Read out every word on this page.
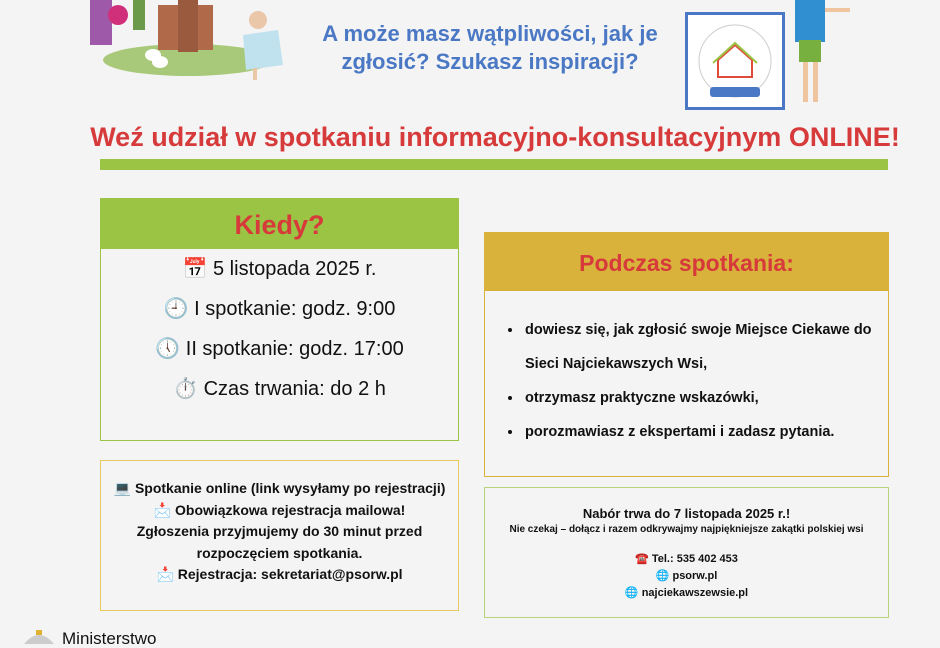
A może masz wątpliwości, jak je
zgłosić? Szukasz inspiracji?
Weź udział w spotkaniu informacyjno-konsultacyjnym ONLINE!
Kiedy?
📅 5 listopada 2025 r.
🕘 I spotkanie: godz. 9:00
🕔 II spotkanie: godz. 17:00
⏱️ Czas trwania: do 2 h
Podczas spotkania:
• dowiesz się, jak zgłosić swoje Miejsce Ciekawe do Sieci Najciekawszych Wsi,
• otrzymasz praktyczne wskazówki,
• porozmawiasz z ekspertami i zadasz pytania.
💻 Spotkanie online (link wysyłamy po rejestracji)
📩 Obowiązkowa rejestracja mailowa!
Zgłoszenia przyjmujemy do 30 minut przed
rozpoczęciem spotkania.
📩 Rejestracja: sekretariat@psorw.pl
Nabór trwa do 7 listopada 2025 r.!
Nie czekaj – dołącz i razem odkrywajmy najpiękniejsze zakątki polskiej wsi
☎️ Tel.: 535 402 453
🌐 psorw.pl
🌐 najciekawszewsie.pl
Ministerstwo
